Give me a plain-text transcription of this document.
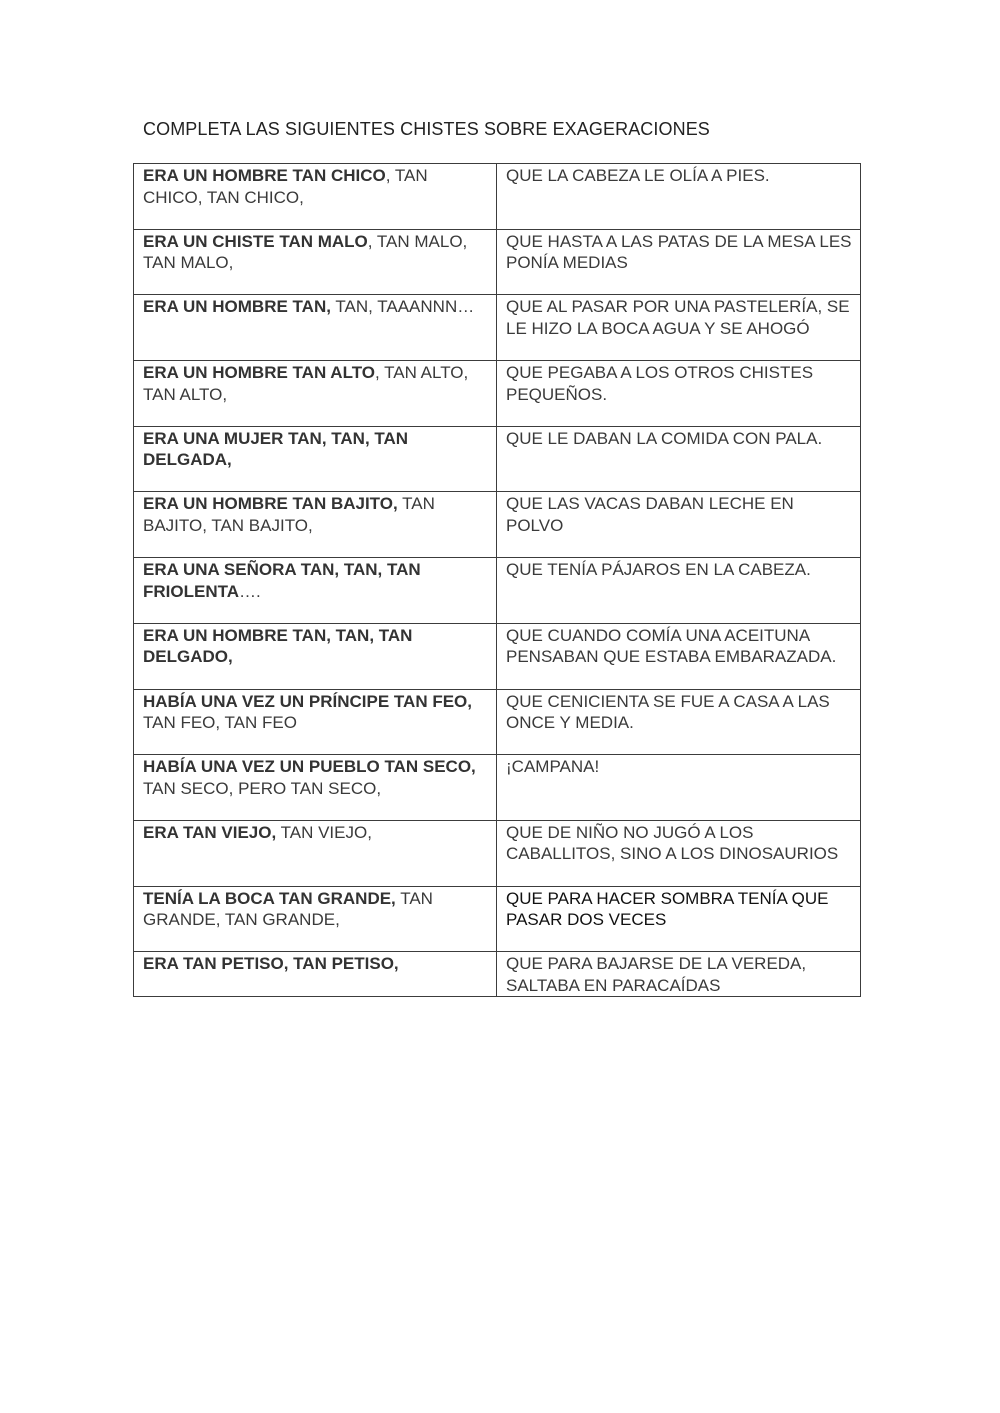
COMPLETA LAS SIGUIENTES CHISTES SOBRE EXAGERACIONES
ERA UN HOMBRE TAN CHICO, TAN CHICO, TAN CHICO,	QUE LA CABEZA LE OLÍA A PIES.
ERA UN CHISTE TAN MALO, TAN MALO, TAN MALO,	QUE HASTA A LAS PATAS DE LA MESA LES PONÍA MEDIAS
ERA UN HOMBRE TAN, TAN, TAAANNN…	QUE AL PASAR POR UNA PASTELERÍA, SE LE HIZO LA BOCA AGUA Y SE AHOGÓ
ERA UN HOMBRE TAN ALTO, TAN ALTO, TAN ALTO,	QUE PEGABA A LOS OTROS CHISTES PEQUEÑOS.
ERA UNA MUJER TAN, TAN, TAN DELGADA,	QUE LE DABAN LA COMIDA CON PALA.
ERA UN HOMBRE TAN BAJITO, TAN BAJITO, TAN BAJITO,	QUE LAS VACAS DABAN LECHE EN POLVO
ERA UNA SEÑORA TAN, TAN, TAN FRIOLENTA….	QUE TENÍA PÁJAROS EN LA CABEZA.
ERA UN HOMBRE TAN, TAN, TAN DELGADO,	QUE CUANDO COMÍA UNA ACEITUNA PENSABAN QUE ESTABA EMBARAZADA.
HABÍA UNA VEZ UN PRÍNCIPE TAN FEO, TAN FEO, TAN FEO	QUE CENICIENTA SE FUE A CASA A LAS ONCE Y MEDIA.
HABÍA UNA VEZ UN PUEBLO TAN SECO, TAN SECO, PERO TAN SECO,	¡CAMPANA!
ERA TAN VIEJO, TAN VIEJO,	QUE DE NIÑO NO JUGÓ A LOS CABALLITOS, SINO A LOS DINOSAURIOS
TENÍA LA BOCA TAN GRANDE, TAN GRANDE, TAN GRANDE,	QUE PARA HACER SOMBRA TENÍA QUE PASAR DOS VECES
ERA TAN PETISO, TAN PETISO,	QUE PARA BAJARSE DE LA VEREDA, SALTABA EN PARACAÍDAS
